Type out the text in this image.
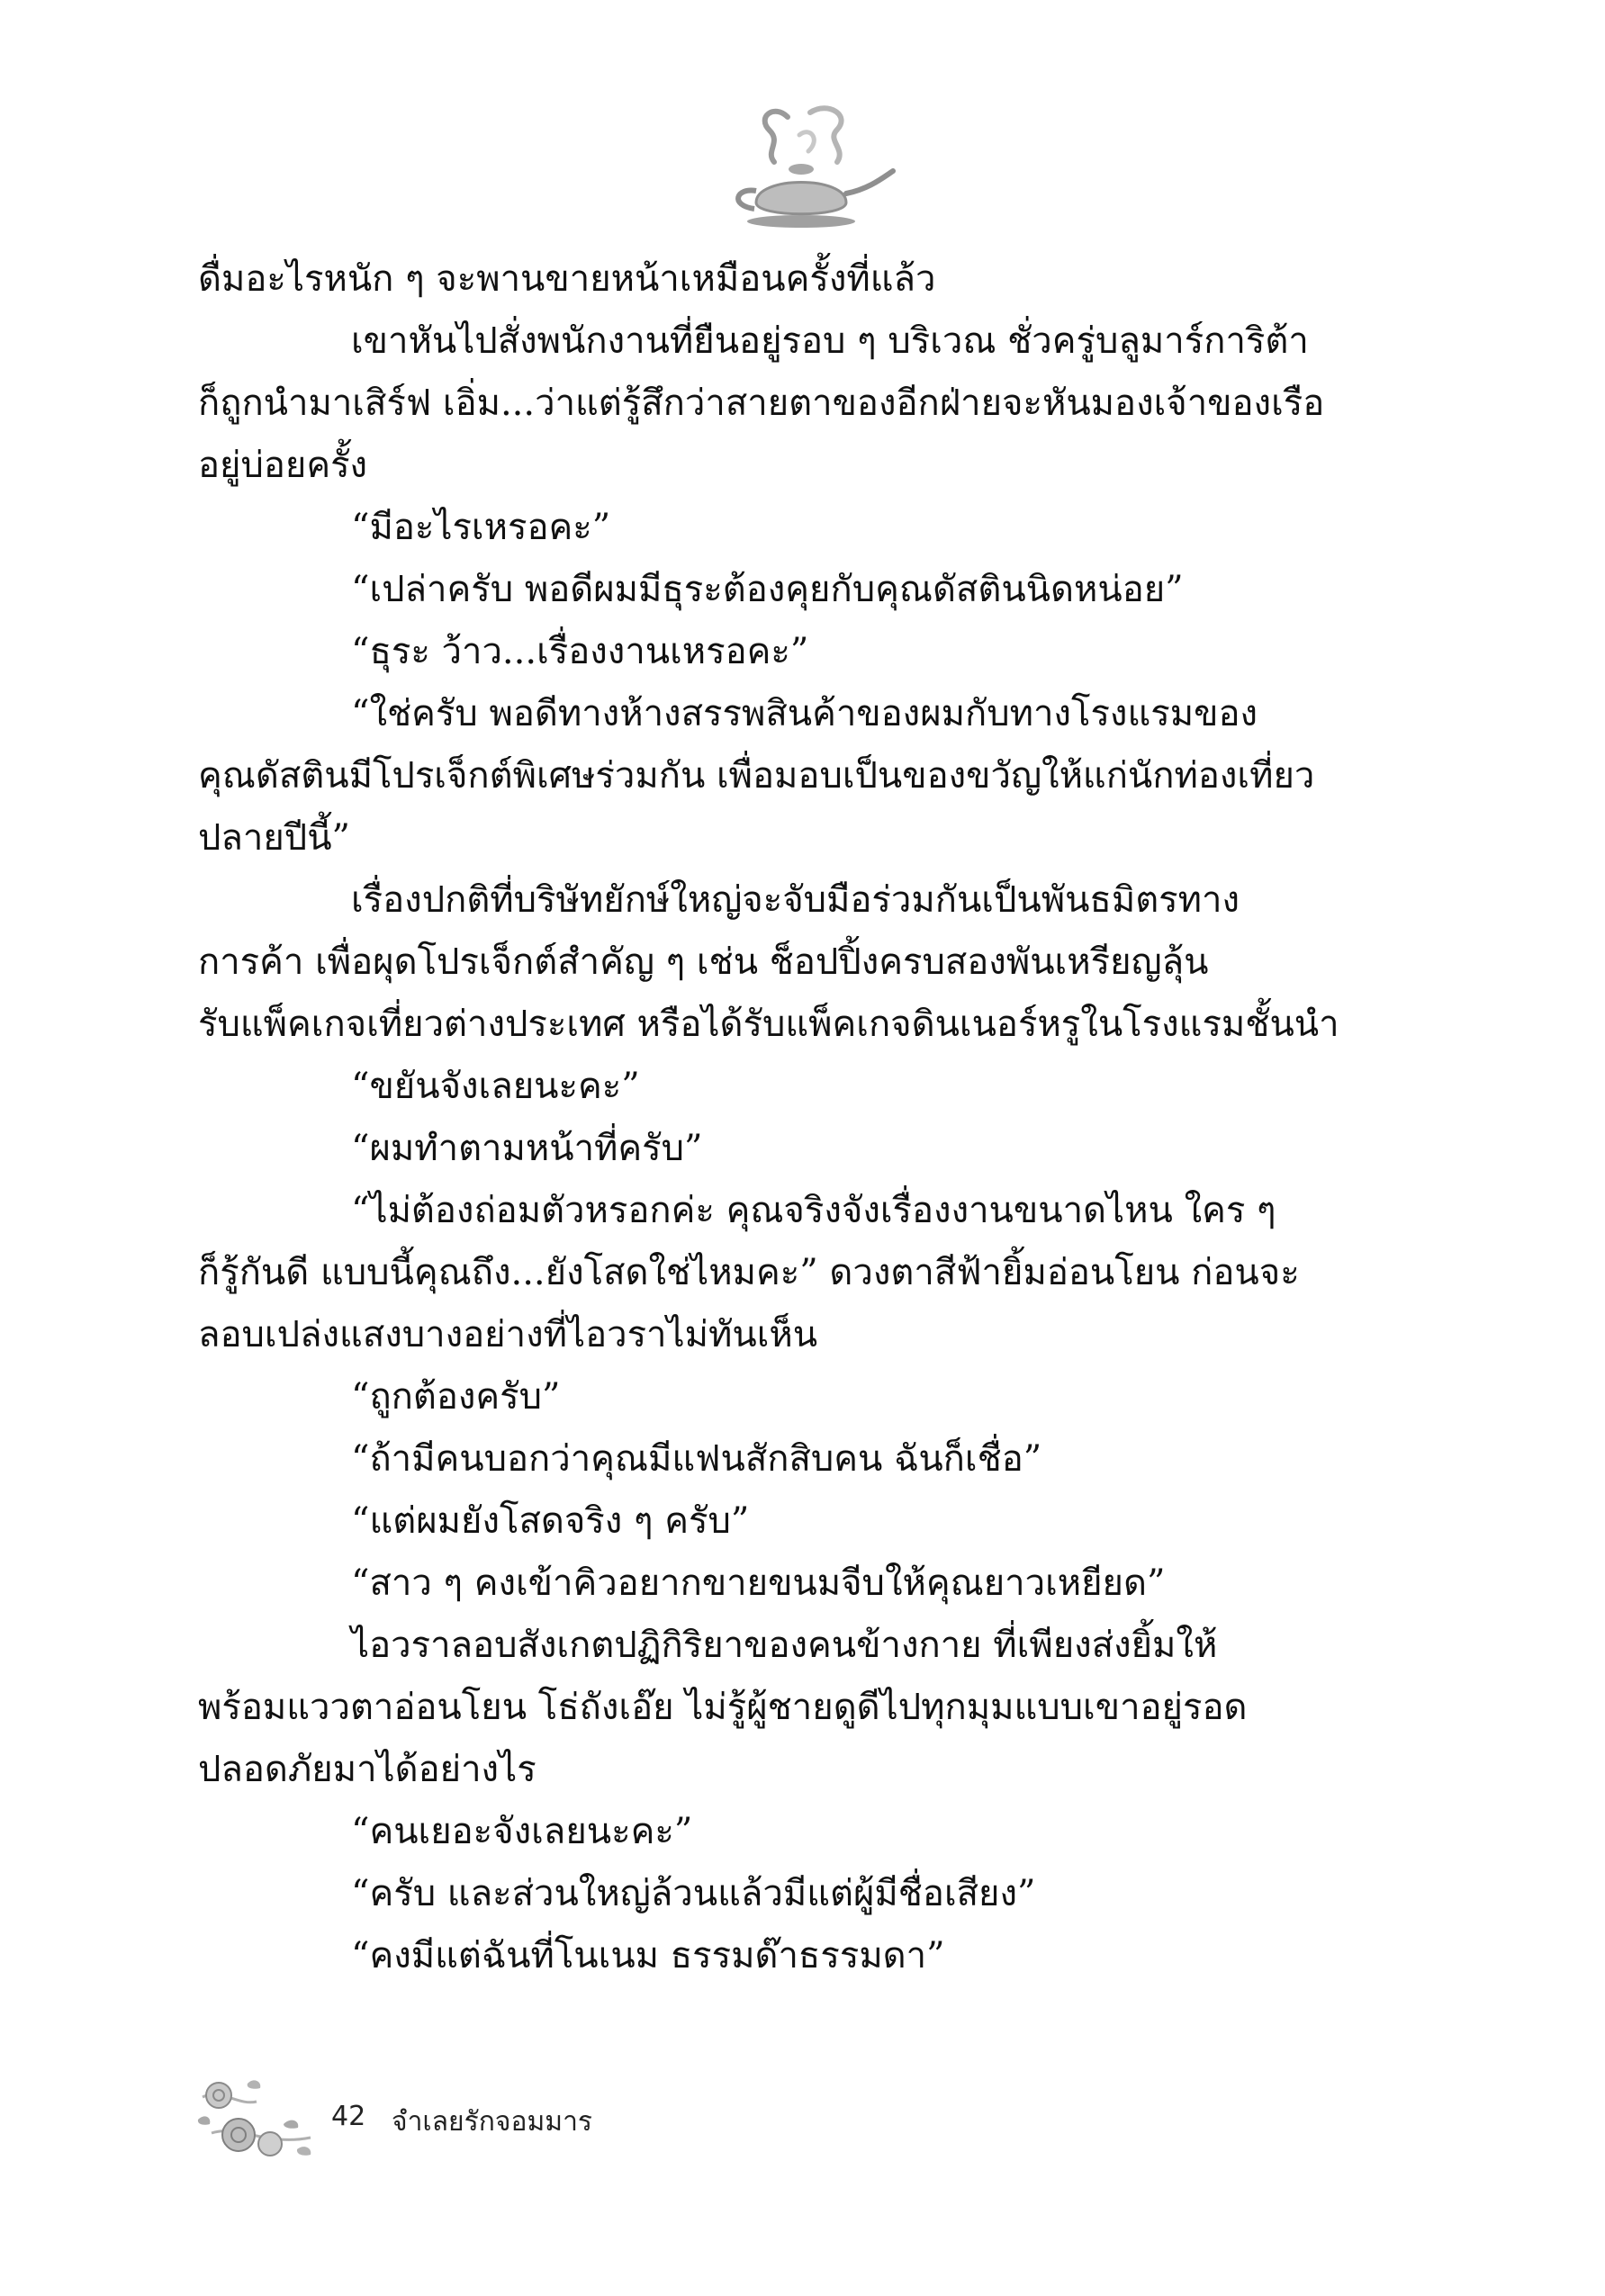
ดื่มอะไรหนัก ๆ จะพานขายหน้าเหมือนครั้งที่แล้ว
เขาหันไปสั่งพนักงานที่ยืนอยู่รอบ ๆ บริเวณ ชั่วครู่บลูมาร์การิต้า
ก็ถูกนำมาเสิร์ฟ เอิ่ม...ว่าแต่รู้สึกว่าสายตาของอีกฝ่ายจะหันมองเจ้าของเรือ
อยู่บ่อยครั้ง
“มีอะไรเหรอคะ”
“เปล่าครับ พอดีผมมีธุระต้องคุยกับคุณดัสตินนิดหน่อย”
“ธุระ ว้าว...เรื่องงานเหรอคะ”
“ใช่ครับ พอดีทางห้างสรรพสินค้าของผมกับทางโรงแรมของ
คุณดัสตินมีโปรเจ็กต์พิเศษร่วมกัน เพื่อมอบเป็นของขวัญให้แก่นักท่องเที่ยว
ปลายปีนี้”
เรื่องปกติที่บริษัทยักษ์ใหญ่จะจับมือร่วมกันเป็นพันธมิตรทาง
การค้า เพื่อผุดโปรเจ็กต์สำคัญ ๆ เช่น ช็อปปิ้งครบสองพันเหรียญลุ้น
รับแพ็คเกจเที่ยวต่างประเทศ หรือได้รับแพ็คเกจดินเนอร์หรูในโรงแรมชั้นนำ
“ขยันจังเลยนะคะ”
“ผมทำตามหน้าที่ครับ”
“ไม่ต้องถ่อมตัวหรอกค่ะ คุณจริงจังเรื่องงานขนาดไหน ใคร ๆ
ก็รู้กันดี แบบนี้คุณถึง...ยังโสดใช่ไหมคะ” ดวงตาสีฟ้ายิ้มอ่อนโยน ก่อนจะ
ลอบเปล่งแสงบางอย่างที่ไอวราไม่ทันเห็น
“ถูกต้องครับ”
“ถ้ามีคนบอกว่าคุณมีแฟนสักสิบคน ฉันก็เชื่อ”
“แต่ผมยังโสดจริง ๆ ครับ”
“สาว ๆ คงเข้าคิวอยากขายขนมจีบให้คุณยาวเหยียด”
ไอวราลอบสังเกตปฏิกิริยาของคนข้างกาย ที่เพียงส่งยิ้มให้
พร้อมแววตาอ่อนโยน โธ่ถังเอ๊ย ไม่รู้ผู้ชายดูดีไปทุกมุมแบบเขาอยู่รอด
ปลอดภัยมาได้อย่างไร
“คนเยอะจังเลยนะคะ”
“ครับ และส่วนใหญ่ล้วนแล้วมีแต่ผู้มีชื่อเสียง”
“คงมีแต่ฉันที่โนเนม ธรรมด๊าธรรมดา”
42 จำเลยรักจอมมาร
